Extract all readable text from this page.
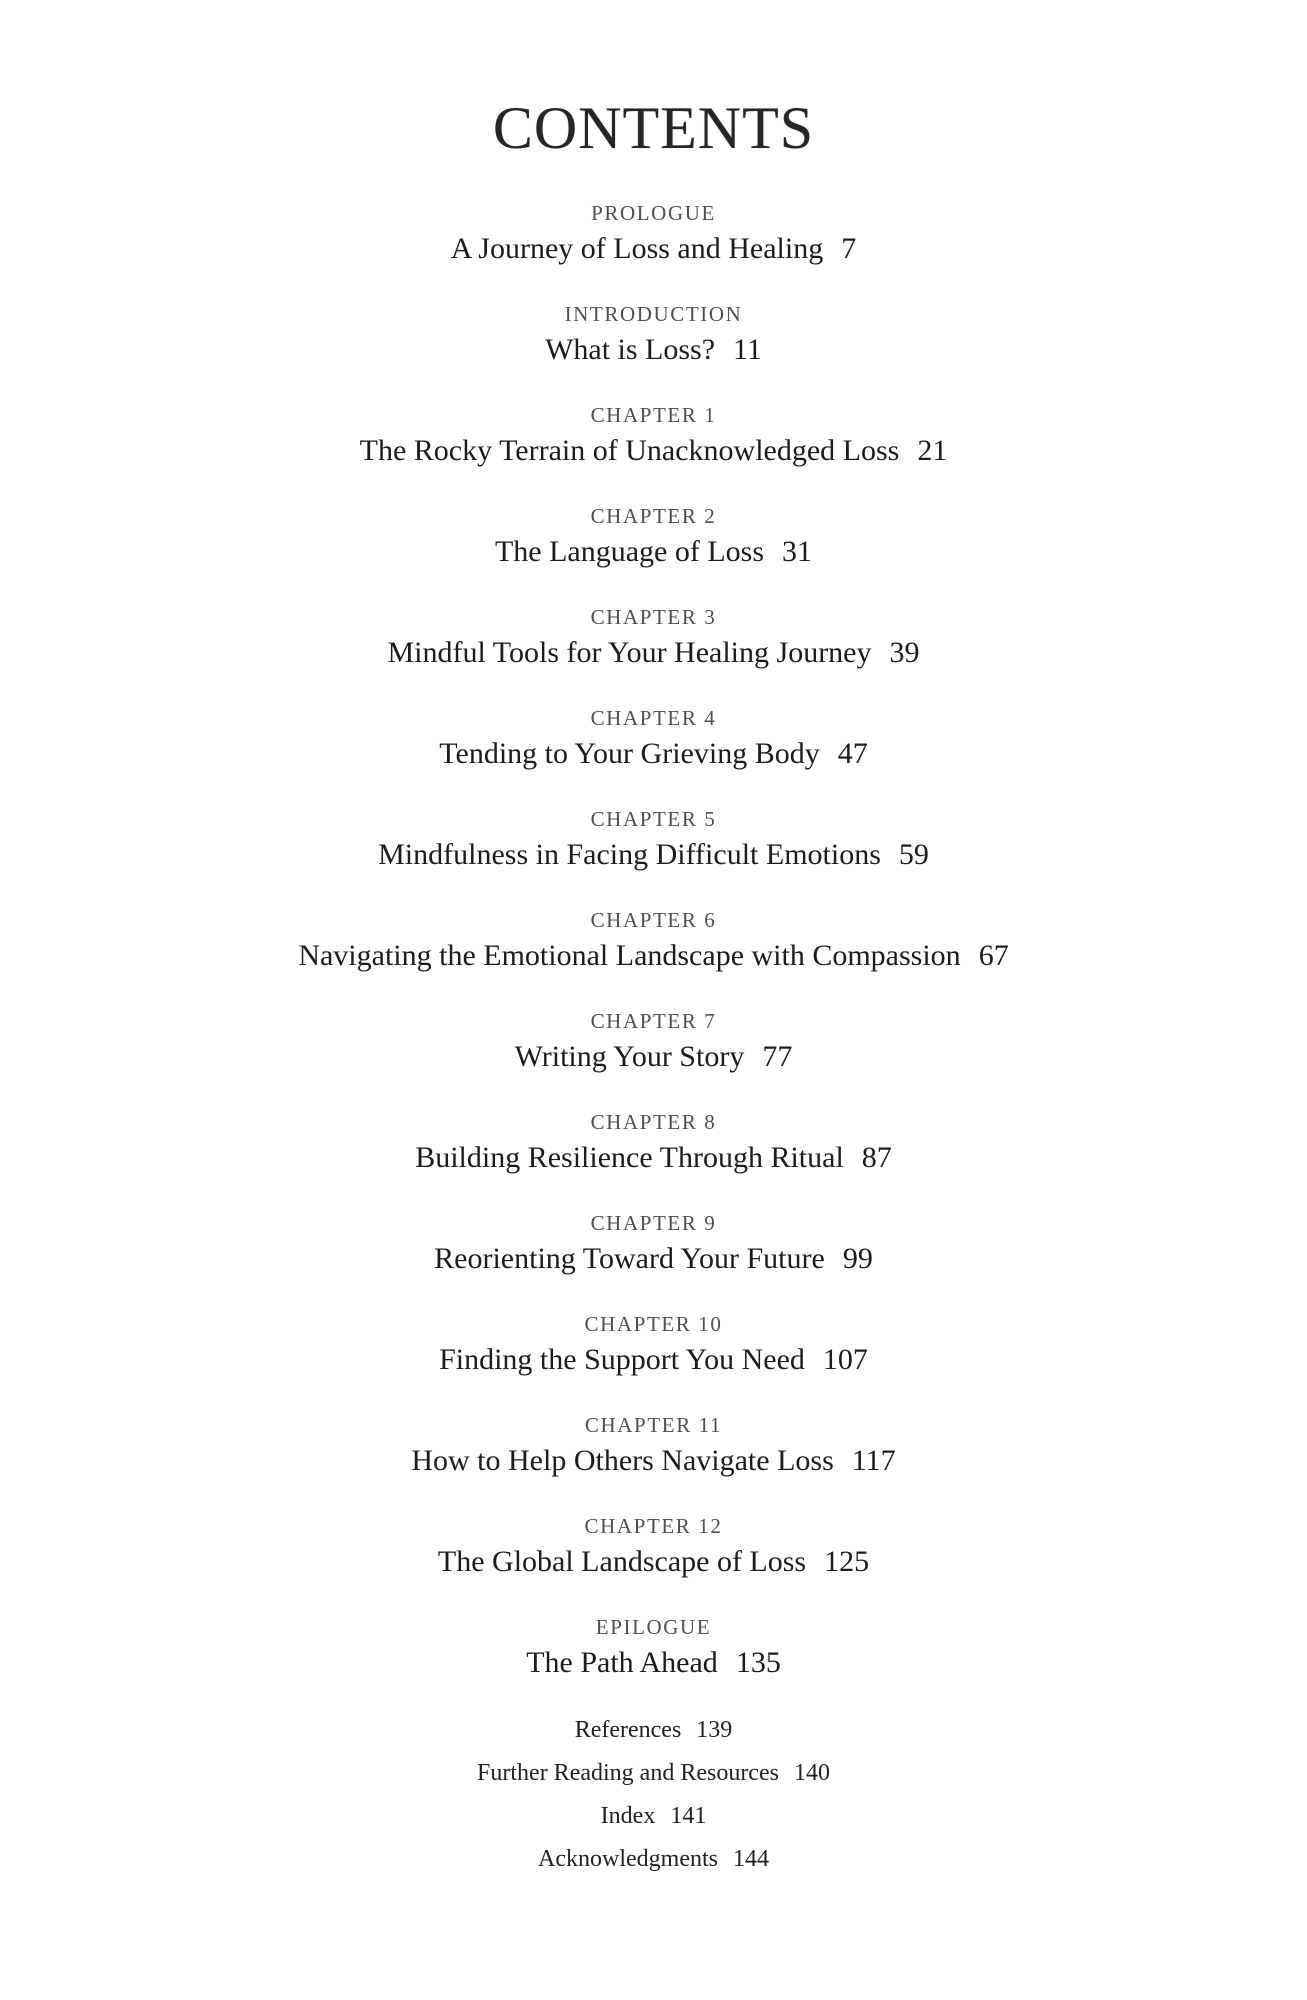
CONTENTS
PROLOGUE
A Journey of Loss and Healing 7
INTRODUCTION
What is Loss? 11
CHAPTER 1
The Rocky Terrain of Unacknowledged Loss 21
CHAPTER 2
The Language of Loss 31
CHAPTER 3
Mindful Tools for Your Healing Journey 39
CHAPTER 4
Tending to Your Grieving Body 47
CHAPTER 5
Mindfulness in Facing Difficult Emotions 59
CHAPTER 6
Navigating the Emotional Landscape with Compassion 67
CHAPTER 7
Writing Your Story 77
CHAPTER 8
Building Resilience Through Ritual 87
CHAPTER 9
Reorienting Toward Your Future 99
CHAPTER 10
Finding the Support You Need 107
CHAPTER 11
How to Help Others Navigate Loss 117
CHAPTER 12
The Global Landscape of Loss 125
EPILOGUE
The Path Ahead 135
References 139
Further Reading and Resources 140
Index 141
Acknowledgments 144
